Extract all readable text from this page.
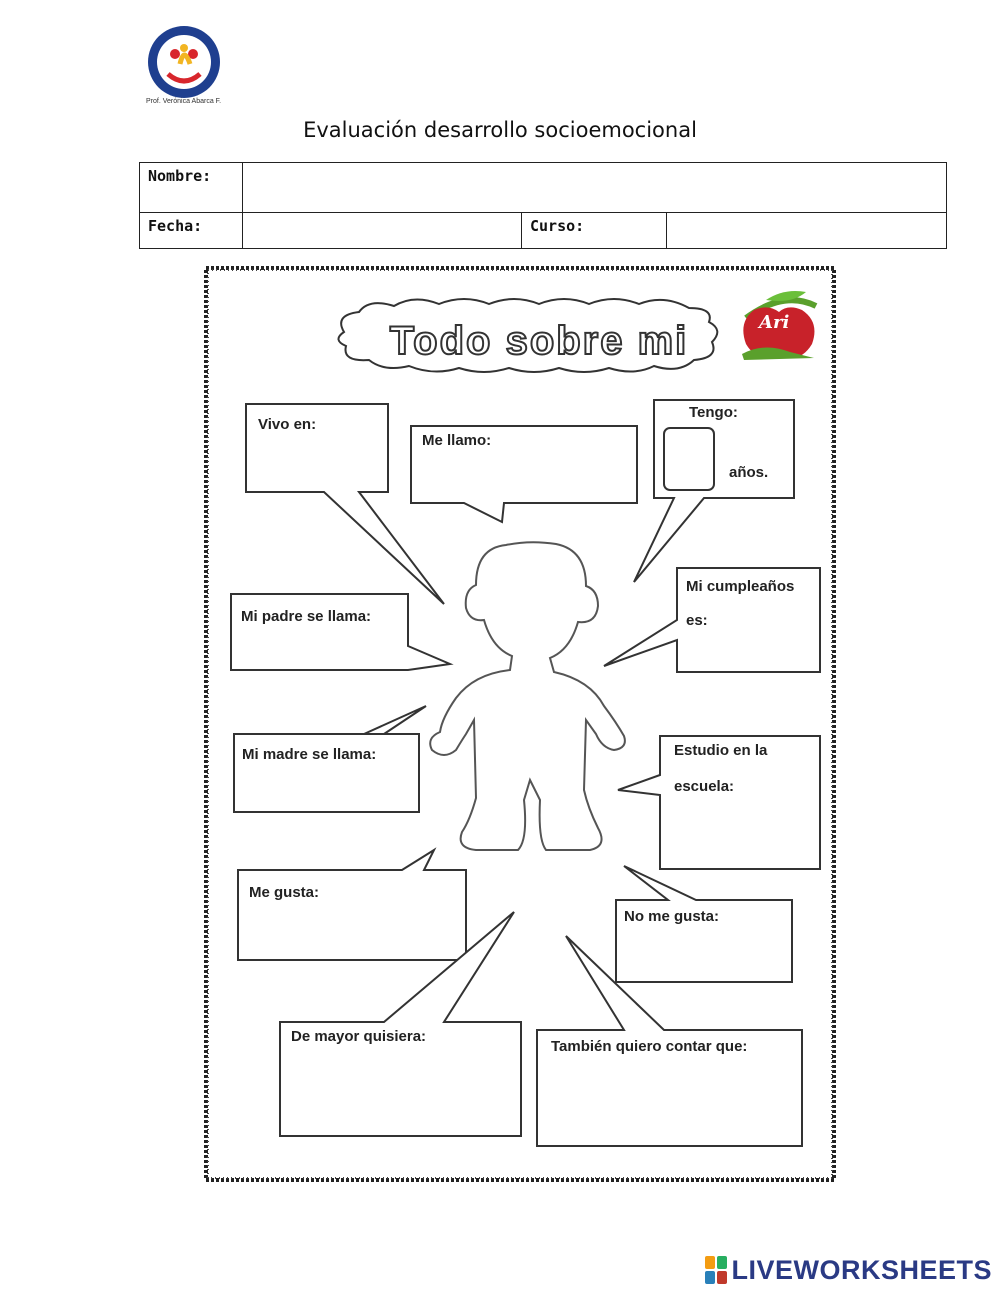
Prof. Verónica Abarca F.
Evaluación desarrollo socioemocional
Nombre:			
Fecha:		Curso:	
Todo sobre mi	Ari
Vivo en:
Me llamo:
Tengo:
años.
Mi padre se llama:
Mi cumpleaños
es:
Mi madre se llama:	Estudio en la
escuela:
Me gusta:
No me gusta:
De mayor quisiera:
También quiero contar que:
LIVEWORKSHEETS
